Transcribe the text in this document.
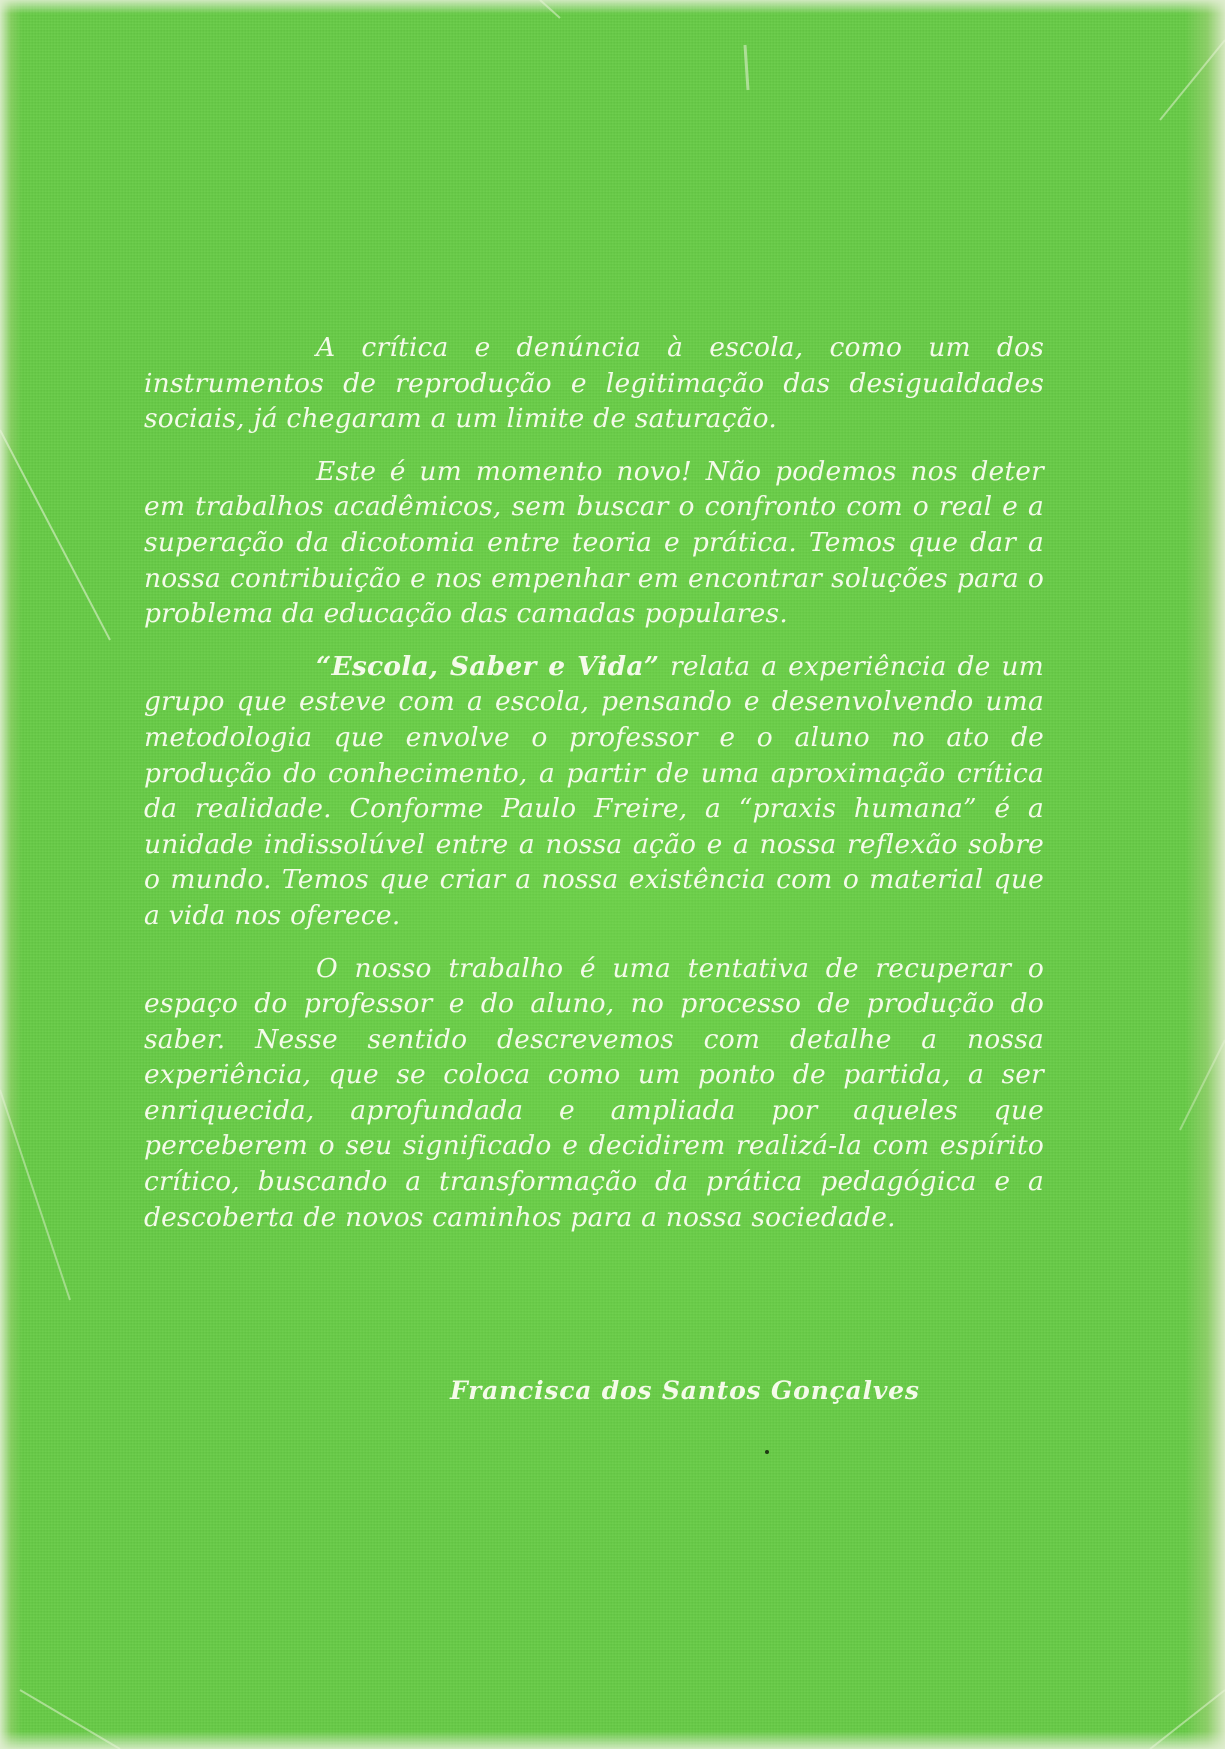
A crítica e denúncia à escola, como um dos instrumentos de reprodução e legitimação das desigualdades sociais, já chegaram a um limite de saturação.

Este é um momento novo! Não podemos nos deter em trabalhos acadêmicos, sem buscar o confronto com o real e a superação da dicotomia entre teoria e prática. Temos que dar a nossa contribuição e nos empenhar em encontrar soluções para o problema da educação das camadas populares.

“Escola, Saber e Vida” relata a experiência de um grupo que esteve com a escola, pensando e desenvolvendo uma metodologia que envolve o professor e o aluno no ato de produção do conhecimento, a partir de uma aproximação crítica da realidade. Conforme Paulo Freire, a “praxis humana” é a unidade indissolúvel entre a nossa ação e a nossa reflexão sobre o mundo. Temos que criar a nossa existência com o material que a vida nos oferece.

O nosso trabalho é uma tentativa de recuperar o espaço do professor e do aluno, no processo de produção do saber. Nesse sentido descrevemos com detalhe a nossa experiência, que se coloca como um ponto de partida, a ser enriquecida, aprofundada e ampliada por aqueles que perceberem o seu significado e decidirem realizá-la com espírito crítico, buscando a transformação da prática pedagógica e a descoberta de novos caminhos para a nossa sociedade.

Francisca dos Santos Gonçalves
